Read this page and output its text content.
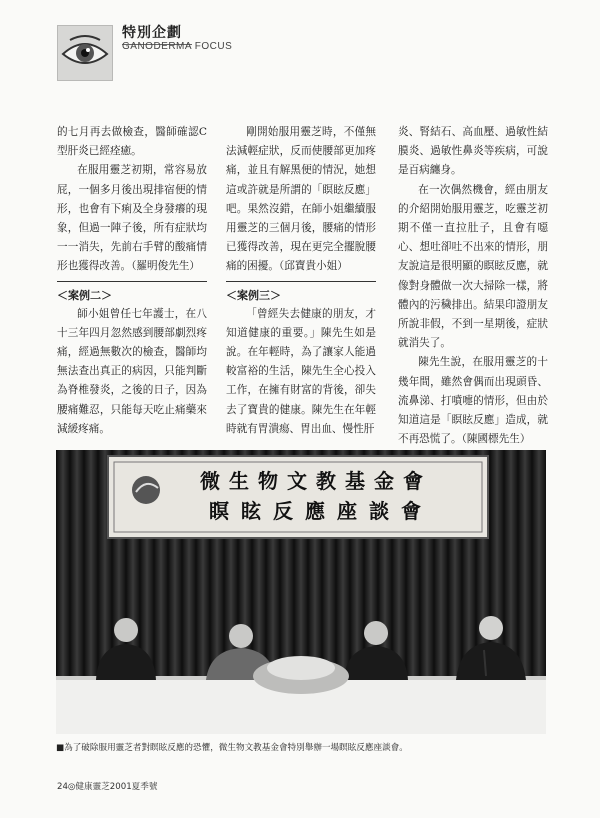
特別企劃
GANODERMA FOCUS

的七月再去做檢查，醫師確認C型肝炎已經痊癒。

在服用靈芝初期，常容易放屁，一個多月後出現排宿便的情形，也會有下痢及全身發癢的現象，但過一陣子後，所有症狀均一一消失，先前右手臂的酸痛情形也獲得改善。（羅明俊先生）

＜案例二＞

師小姐曾任七年護士，在八十三年四月忽然感到腰部劇烈疼痛，經過無數次的檢查，醫師均無法查出真正的病因，只能判斷為脊椎發炎，之後的日子，因為腰痛難忍，只能每天吃止痛藥來減緩疼痛。

剛開始服用靈芝時，不僅無法減輕症狀，反而使腰部更加疼痛，並且有解黑便的情況，她想這或許就是所謂的「瞑眩反應」吧。果然沒錯，在師小姐繼續服用靈芝的三個月後，腰痛的情形已獲得改善，現在更完全擺脫腰痛的困擾。（邱寶貴小姐）

＜案例三＞

「曾經失去健康的朋友，才知道健康的重要。」陳先生如是說。在年輕時，為了讓家人能過較富裕的生活，陳先生全心投入工作，在擁有財富的背後，卻失去了寶貴的健康。陳先生在年輕時就有胃潰瘍、胃出血、慢性肝

炎、腎結石、高血壓、過敏性結膜炎、過敏性鼻炎等疾病，可說是百病纏身。

在一次偶然機會，經由朋友的介紹開始服用靈芝，吃靈芝初期不僅一直拉肚子，且會有噁心、想吐卻吐不出來的情形，朋友說這是很明顯的瞑眩反應，就像對身體做一次大掃除一樣，將體內的污穢排出。結果印證朋友所說非假，不到一星期後，症狀就消失了。

陳先生說，在服用靈芝的十幾年間，雖然會偶而出現頭昏、流鼻涕、打噴嚏的情形，但由於知道這是「瞑眩反應」造成，就不再恐慌了。（陳國標先生）

微生物文教基金會
瞑眩反應座談會
■為了破除服用靈芝者對瞑眩反應的恐懼，微生物文教基金會特別舉辦一場瞑眩反應座談會。
24◎健康靈芝2001夏季號
